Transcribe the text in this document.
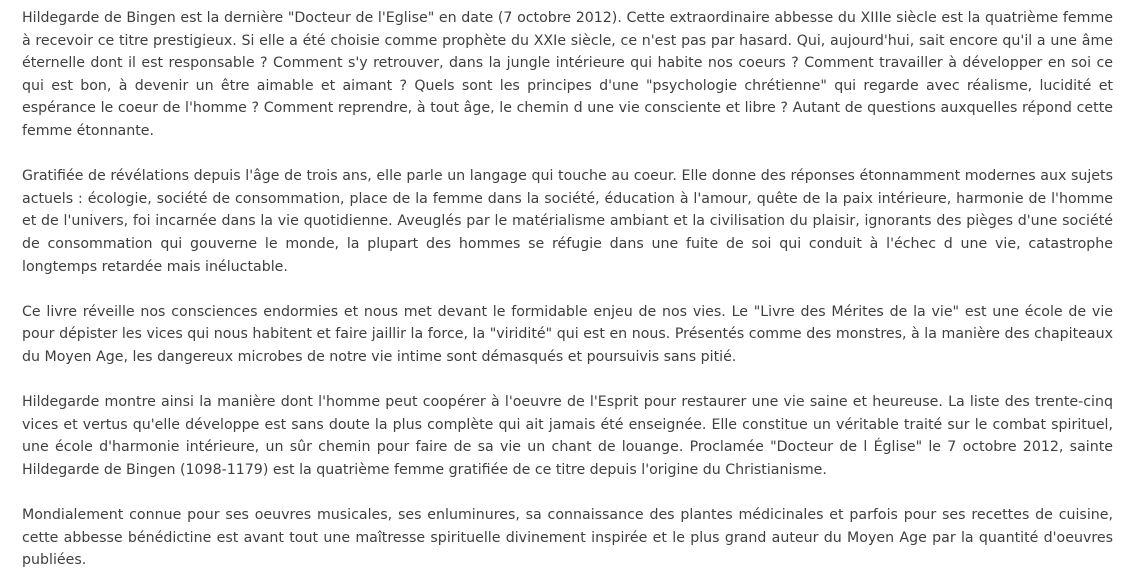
Hildegarde de Bingen est la dernière "Docteur de l'Eglise" en date (7 octobre 2012). Cette extraordinaire abbesse du XIIIe siècle est la quatrième femme à recevoir ce titre prestigieux. Si elle a été choisie comme prophète du XXIe siècle, ce n'est pas par hasard. Qui, aujourd'hui, sait encore qu'il a une âme éternelle dont il est responsable ? Comment s'y retrouver, dans la jungle intérieure qui habite nos coeurs ? Comment travailler à développer en soi ce qui est bon, à devenir un être aimable et aimant ? Quels sont les principes d'une "psychologie chrétienne" qui regarde avec réalisme, lucidité et espérance le coeur de l'homme ? Comment reprendre, à tout âge, le chemin d une vie consciente et libre ? Autant de questions auxquelles répond cette femme étonnante.

Gratifiée de révélations depuis l'âge de trois ans, elle parle un langage qui touche au coeur. Elle donne des réponses étonnamment modernes aux sujets actuels : écologie, société de consommation, place de la femme dans la société, éducation à l'amour, quête de la paix intérieure, harmonie de l'homme et de l'univers, foi incarnée dans la vie quotidienne. Aveuglés par le matérialisme ambiant et la civilisation du plaisir, ignorants des pièges d'une société de consommation qui gouverne le monde, la plupart des hommes se réfugie dans une fuite de soi qui conduit à l'échec d une vie, catastrophe longtemps retardée mais inéluctable.

Ce livre réveille nos consciences endormies et nous met devant le formidable enjeu de nos vies. Le "Livre des Mérites de la vie" est une école de vie pour dépister les vices qui nous habitent et faire jaillir la force, la "viridité" qui est en nous. Présentés comme des monstres, à la manière des chapiteaux du Moyen Age, les dangereux microbes de notre vie intime sont démasqués et poursuivis sans pitié.

Hildegarde montre ainsi la manière dont l'homme peut coopérer à l'oeuvre de l'Esprit pour restaurer une vie saine et heureuse. La liste des trente-cinq vices et vertus qu'elle développe est sans doute la plus complète qui ait jamais été enseignée. Elle constitue un véritable traité sur le combat spirituel, une école d'harmonie intérieure, un sûr chemin pour faire de sa vie un chant de louange. Proclamée "Docteur de l Église" le 7 octobre 2012, sainte Hildegarde de Bingen (1098-1179) est la quatrième femme gratifiée de ce titre depuis l'origine du Christianisme.

Mondialement connue pour ses oeuvres musicales, ses enluminures, sa connaissance des plantes médicinales et parfois pour ses recettes de cuisine, cette abbesse bénédictine est avant tout une maîtresse spirituelle divinement inspirée et le plus grand auteur du Moyen Age par la quantité d'oeuvres publiées.
